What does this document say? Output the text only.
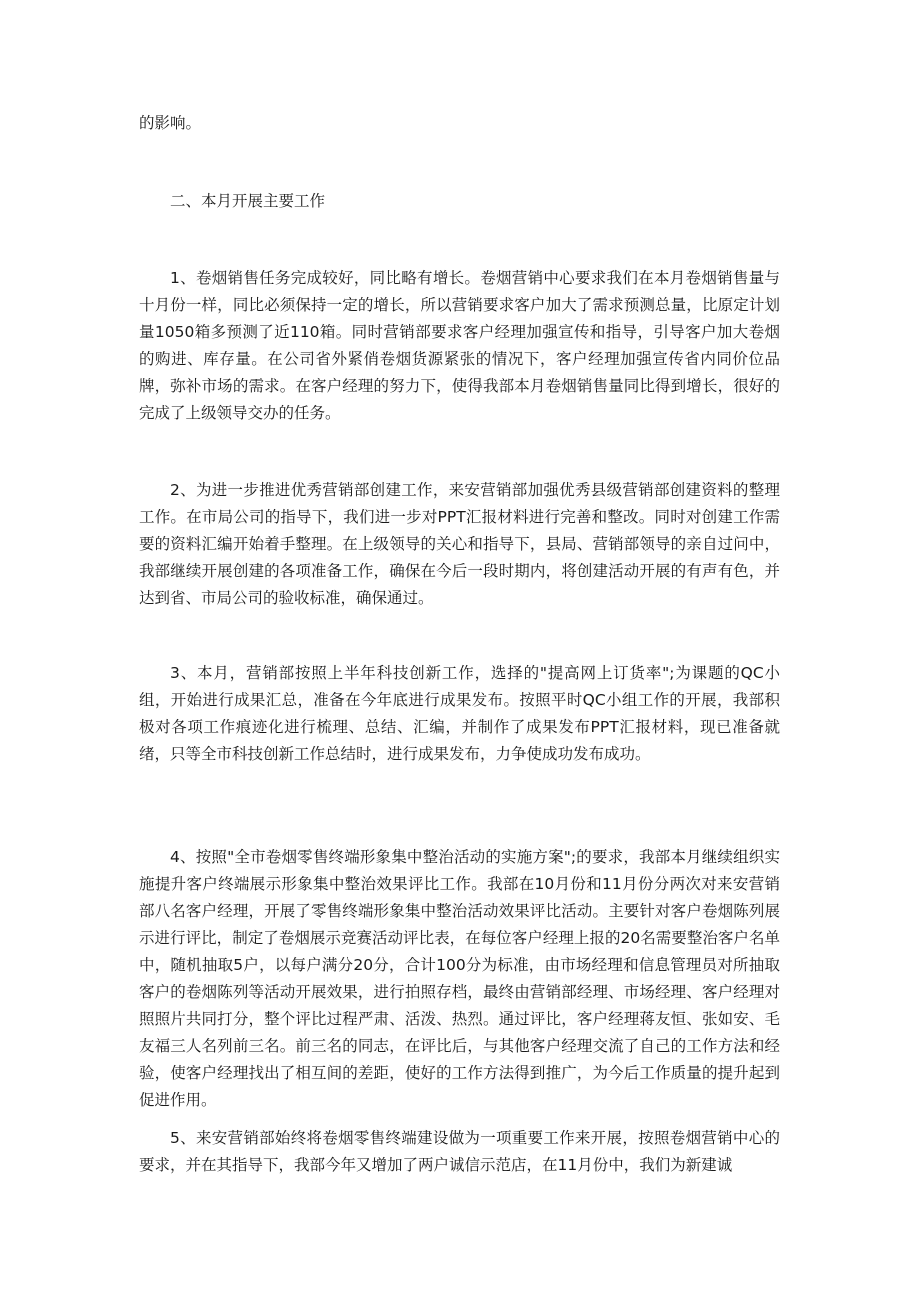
的影响。

二、本月开展主要工作

1、卷烟销售任务完成较好，同比略有增长。卷烟营销中心要求我们在本月卷烟销售量与十月份一样，同比必须保持一定的增长，所以营销要求客户加大了需求预测总量，比原定计划量1050箱多预测了近110箱。同时营销部要求客户经理加强宣传和指导，引导客户加大卷烟的购进、库存量。在公司省外紧俏卷烟货源紧张的情况下，客户经理加强宣传省内同价位品牌，弥补市场的需求。在客户经理的努力下，使得我部本月卷烟销售量同比得到增长，很好的完成了上级领导交办的任务。

2、为进一步推进优秀营销部创建工作，来安营销部加强优秀县级营销部创建资料的整理工作。在市局公司的指导下，我们进一步对PPT汇报材料进行完善和整改。同时对创建工作需要的资料汇编开始着手整理。在上级领导的关心和指导下，县局、营销部领导的亲自过问中，我部继续开展创建的各项准备工作，确保在今后一段时期内，将创建活动开展的有声有色，并达到省、市局公司的验收标准，确保通过。

3、本月，营销部按照上半年科技创新工作，选择的"提高网上订货率";为课题的QC小组，开始进行成果汇总，准备在今年底进行成果发布。按照平时QC小组工作的开展，我部积极对各项工作痕迹化进行梳理、总结、汇编，并制作了成果发布PPT汇报材料，现已准备就绪，只等全市科技创新工作总结时，进行成果发布，力争使成功发布成功。

4、按照"全市卷烟零售终端形象集中整治活动的实施方案";的要求，我部本月继续组织实施提升客户终端展示形象集中整治效果评比工作。我部在10月份和11月份分两次对来安营销部八名客户经理，开展了零售终端形象集中整治活动效果评比活动。主要针对客户卷烟陈列展示进行评比，制定了卷烟展示竞赛活动评比表，在每位客户经理上报的20名需要整治客户名单中，随机抽取5户，以每户满分20分，合计100分为标准，由市场经理和信息管理员对所抽取客户的卷烟陈列等活动开展效果，进行拍照存档，最终由营销部经理、市场经理、客户经理对照照片共同打分，整个评比过程严肃、活泼、热烈。通过评比，客户经理蒋友恒、张如安、毛友福三人名列前三名。前三名的同志，在评比后，与其他客户经理交流了自己的工作方法和经验，使客户经理找出了相互间的差距，使好的工作方法得到推广，为今后工作质量的提升起到促进作用。

5、来安营销部始终将卷烟零售终端建设做为一项重要工作来开展，按照卷烟营销中心的要求，并在其指导下，我部今年又增加了两户诚信示范店，在11月份中，我们为新建诚
